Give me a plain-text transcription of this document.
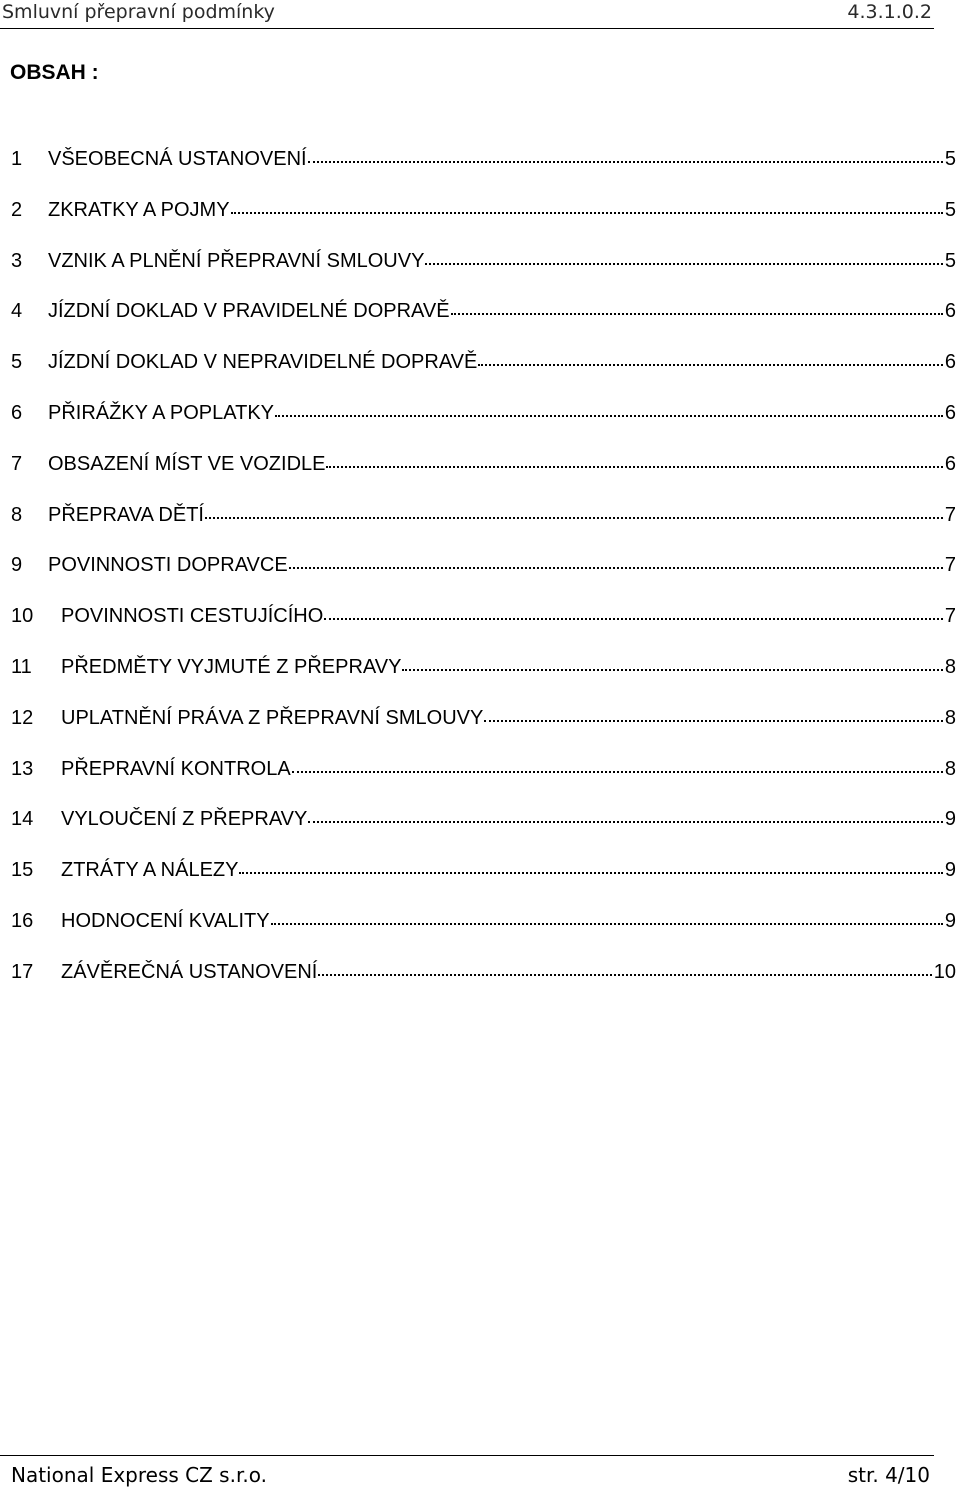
Smluvní přepravní podmínky	4.3.1.0.2
OBSAH :
1	VŠEOBECNÁ USTANOVENÍ	5
2	ZKRATKY A POJMY	5
3	VZNIK A PLNĚNÍ PŘEPRAVNÍ SMLOUVY	5
4	JÍZDNÍ DOKLAD V PRAVIDELNÉ DOPRAVĚ	6
5	JÍZDNÍ DOKLAD V NEPRAVIDELNÉ DOPRAVĚ	6
6	PŘIRÁŽKY A POPLATKY	6
7	OBSAZENÍ MÍST VE VOZIDLE	6
8	PŘEPRAVA DĚTÍ	7
9	POVINNOSTI DOPRAVCE	7
10	POVINNOSTI CESTUJÍCÍHO	7
11	PŘEDMĚTY VYJMUTÉ Z PŘEPRAVY	8
12	UPLATNĚNÍ PRÁVA Z PŘEPRAVNÍ SMLOUVY	8
13	PŘEPRAVNÍ KONTROLA	8
14	VYLOUČENÍ Z PŘEPRAVY	9
15	ZTRÁTY A NÁLEZY	9
16	HODNOCENÍ KVALITY	9
17	ZÁVĚREČNÁ USTANOVENÍ	10
National Express CZ s.r.o.	str. 4/10
